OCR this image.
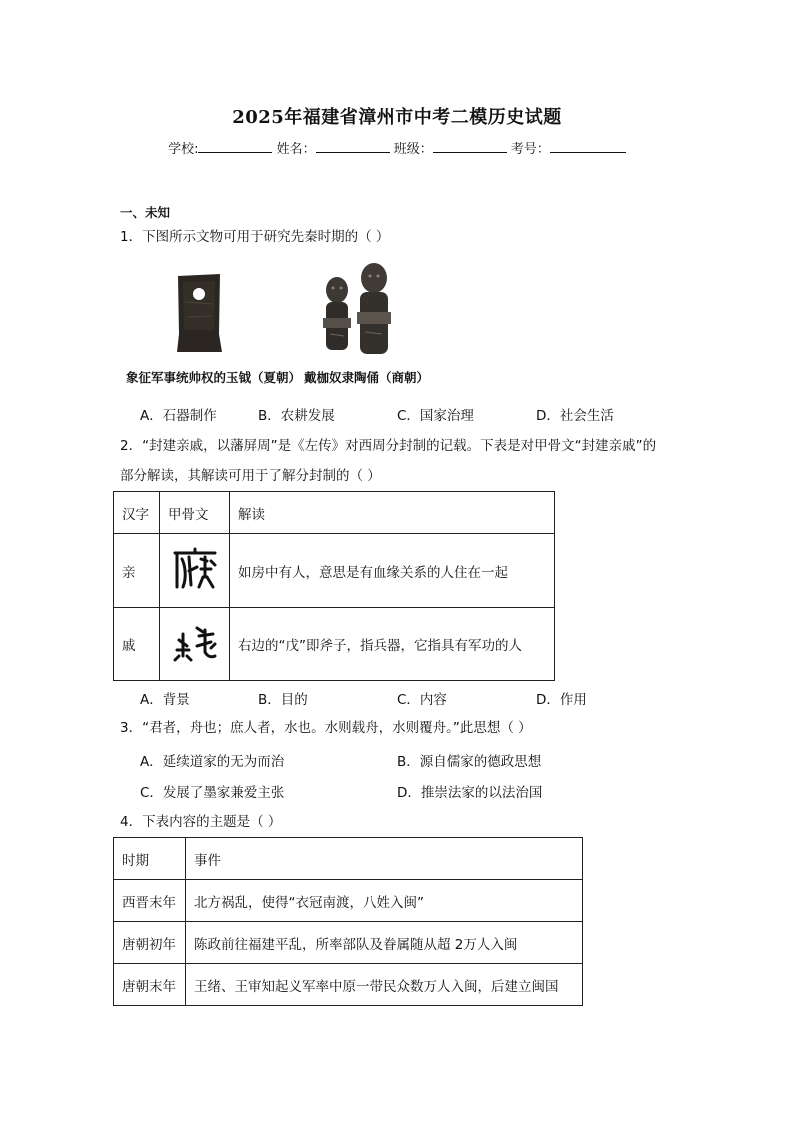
2025年福建省漳州市中考二模历史试题
学校:	姓名：	班级：	考号：
一、未知
1．下图所示文物可用于研究先秦时期的（ ）
象征军事统帅权的玉钺（夏朝） 戴枷奴隶陶俑（商朝）
A．石器制作	B．农耕发展	C．国家治理	D．社会生活
2．“封建亲戚，以藩屏周”是《左传》对西周分封制的记载。下表是对甲骨文“封建亲戚”的
部分解读，其解读可用于了解分封制的（ ）
汉字	甲骨文	解读
亲		如房中有人，意思是有血缘关系的人住在一起
戚		右边的“戊”即斧子，指兵器，它指具有军功的人
A．背景	B．目的	C．内容	D．作用
3．“君者，舟也；庶人者，水也。水则载舟，水则覆舟。”此思想（ ）
A．延续道家的无为而治	B．源自儒家的德政思想
C．发展了墨家兼爱主张	D．推崇法家的以法治国
4．下表内容的主题是（ ）
时期	事件
西晋末年	北方祸乱，使得“衣冠南渡，八姓入闽”
唐朝初年	陈政前往福建平乱，所率部队及眷属随从超 2万人入闽
唐朝末年	王绪、王审知起义军率中原一带民众数万人入闽，后建立闽国
